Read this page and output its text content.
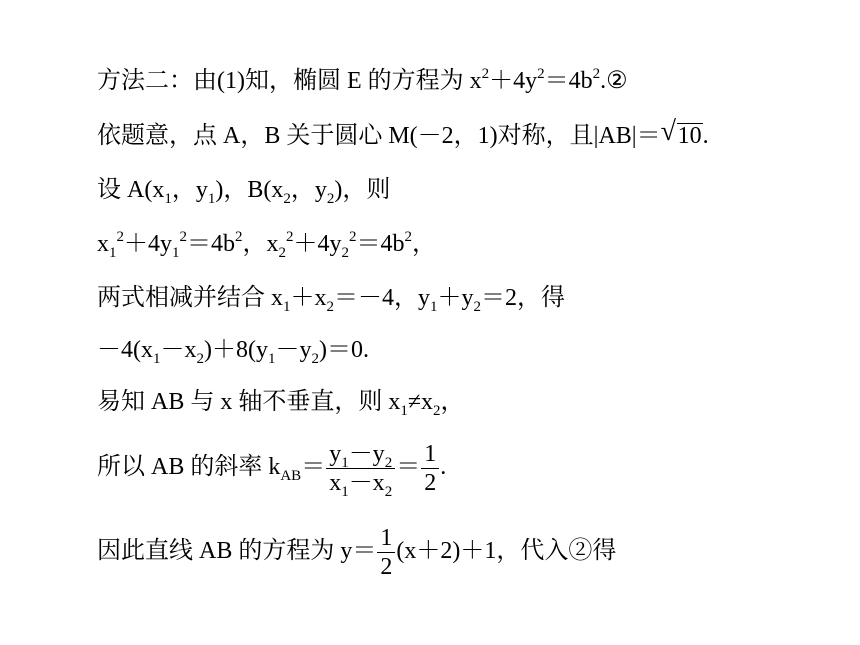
方法二：由(1)知，椭圆 E 的方程为 $x^2+4y^2=4b^2.②$
依题意，点 A，B 关于圆心 M(－2，1)对称，且|AB|＝ √ 10.
设 $A(x_1$，$y_1$)，$B(x_2$，$y_2$)，则
$x_1^2+4y_1^2=4b^2$，$x_2^2+4y_2^2=4b^2$，
两式相减并结合 $x_1+x_2=-4$，$y_1+y_2=2$，得
$-4(x_1-x_2)+8(y_1-y_2)=0$.
易知 AB 与 x 轴不垂直，则 $x_1\ne x_2$，
所以 AB 的斜率 $k_{AB}= \frac{y_1-y_2}{x_1-x_2} = \frac{1}{2}$ .
因此直线 AB 的方程为 $y= \frac{1}{2} (x+2)+1$，代入②得
